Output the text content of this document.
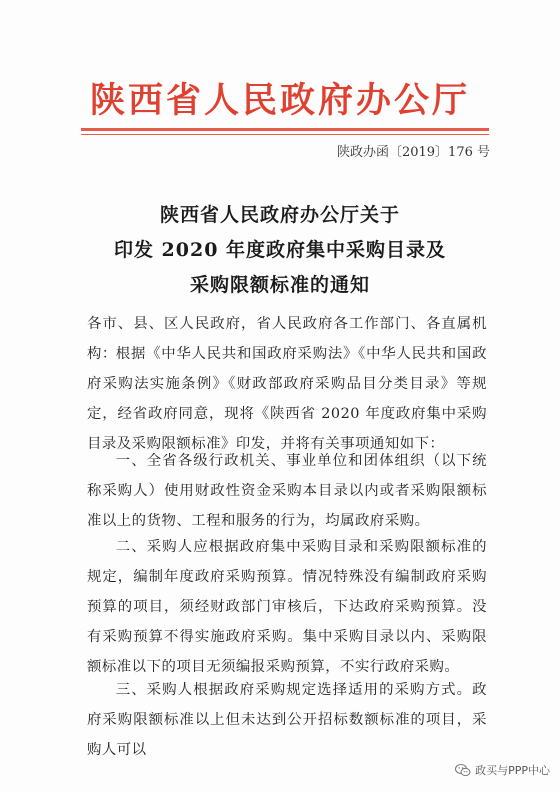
陕西省人民政府办公厅
陕政办函〔2019〕176 号
陕西省人民政府办公厅关于
印发 2020 年度政府集中采购目录及
采购限额标准的通知
各市、县、区人民政府，省人民政府各工作部门、各直属机构： 根据《中华人民共和国政府采购法》《中华人民共和国政府采购法实施条例》《财政部政府采购品目分类目录》等规定，经省政府同意，现将《陕西省 2020 年度政府集中采购目录及采购限额标准》印发，并将有关事项通知如下：
一、全省各级行政机关、事业单位和团体组织（以下统称采购人）使用财政性资金采购本目录以内或者采购限额标准以上的货物、工程和服务的行为，均属政府采购。
二、采购人应根据政府集中采购目录和采购限额标准的规定，编制年度政府采购预算。情况特殊没有编制政府采购预算的项目，须经财政部门审核后，下达政府采购预算。没有采购预算不得实施政府采购。集中采购目录以内、采购限额标准以下的项目无须编报采购预算，不实行政府采购。
三、采购人根据政府采购规定选择适用的采购方式。政府采购限额标准以上但未达到公开招标数额标准的项目，采购人可以
政买与PPP中心
